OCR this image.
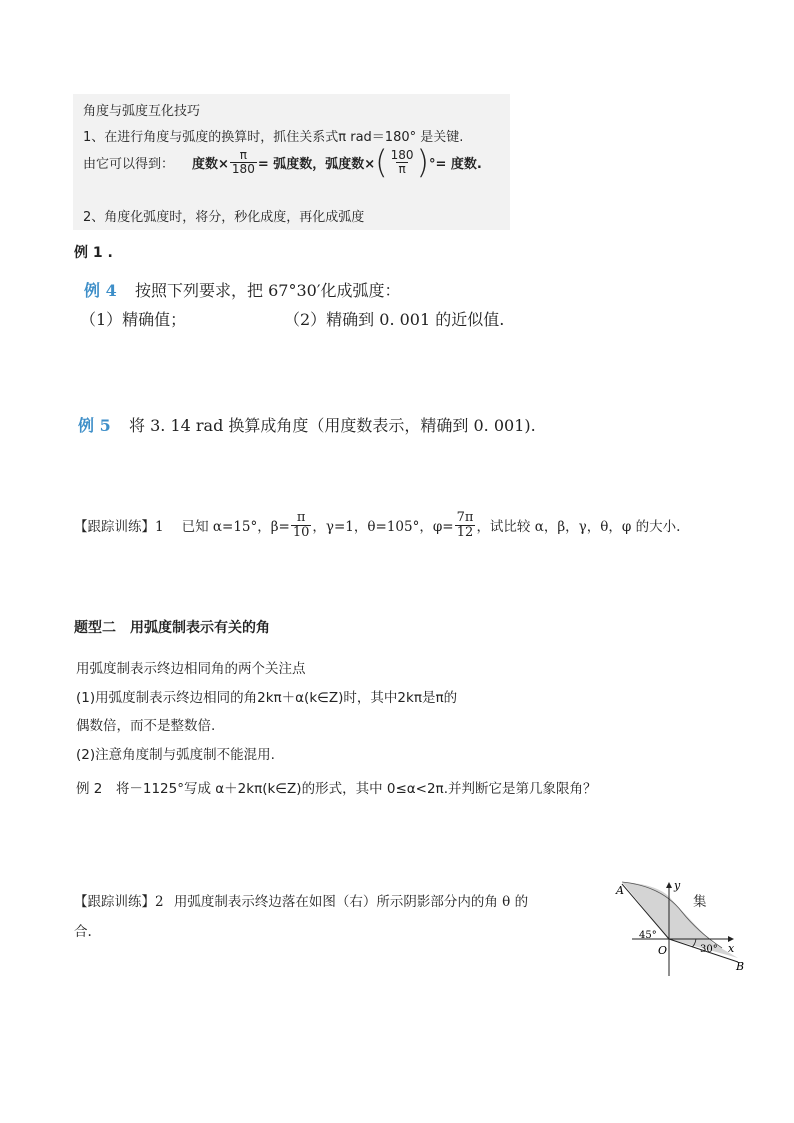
角度与弧度互化技巧
1、在进行角度与弧度的换算时，抓住关系式π rad＝180° 是关键.
由它可以得到： 度数× $\frac{\pi}{180}$ = 弧度数，弧度数× ( $\frac{180}{\pi}$ ) °= 度数.
2、角度化弧度时，将分，秒化成度，再化成弧度
例 1 .
例 4 按照下列要求，把 67°30′化成弧度：
（1）精确值；	（2）精确到 0. 001 的近似值.
例 5 将 3. 14 rad 换算成角度（用度数表示，精确到 0. 001).
【跟踪训练】1 已知 α=15°，$\beta= \frac{\pi}{10}$ ，γ=1，θ=105°，$\varphi= \frac{7\pi}{12}$ ，试比较 α，β，γ，θ，φ 的大小.
题型二　用弧度制表示有关的角
用弧度制表示终边相同角的两个关注点
(1)用弧度制表示终边相同的角2kπ＋α(k∈Z)时，其中2kπ是π的
偶数倍，而不是整数倍.
(2)注意角度制与弧度制不能混用.
例 2　将－1125°写成 α＋2kπ(k∈Z)的形式，其中 0≤α<2π.并判断它是第几象限角？
【跟踪训练】2 用弧度制表示终边落在如图（右）所示阴影部分内的角 θ 的	集
合.
A
B
O	x
y
45°
30°
